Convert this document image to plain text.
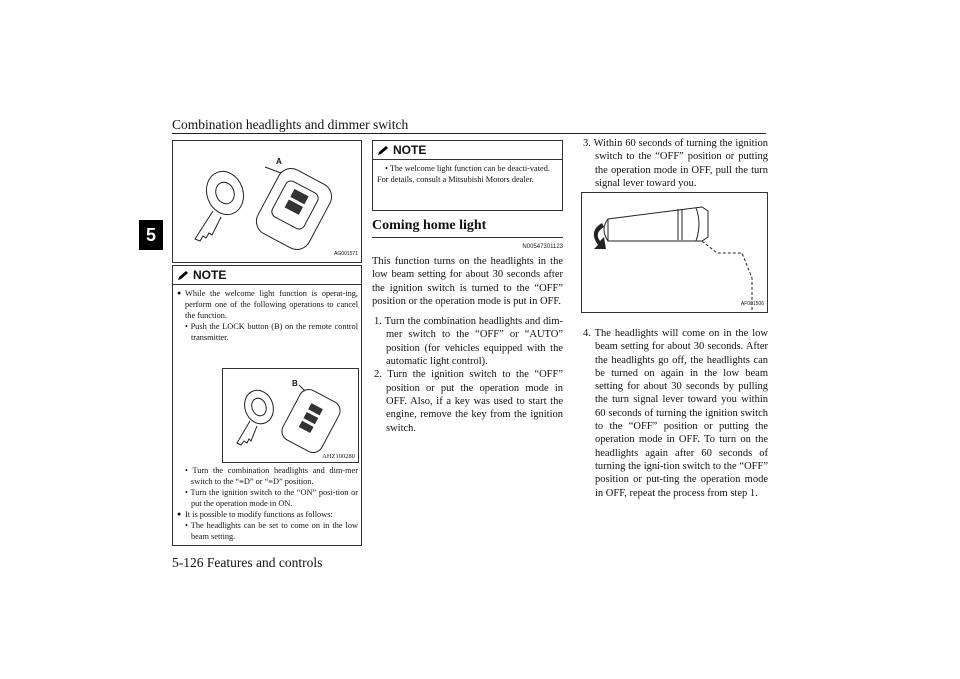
Combination headlights and dimmer switch
5
A
AG001571
NOTE
● While the welcome light function is operat-ing, perform one of the following operations to cancel the function.
• Push the LOCK button (B) on the remote control transmitter.
B
AHZ100280
• Turn the combination headlights and dim-mer switch to the “≡D” or “≡D” position.
• Turn the ignition switch to the “ON” posi-tion or put the operation mode in ON.
● It is possible to modify functions as follows:
• The headlights can be set to come on in the low beam setting.
NOTE
• The welcome light function can be deacti-vated.
For details, consult a Mitsubishi Motors dealer.
Coming home light
N00547301123
This function turns on the headlights in the low beam setting for about 30 seconds after the ignition switch is turned to the “OFF” position or the operation mode is put in OFF.
1. Turn the combination headlights and dim-mer switch to the “OFF” or “AUTO” position (for vehicles equipped with the automatic light control).
2. Turn the ignition switch to the “OFF” position or put the operation mode in OFF. Also, if a key was used to start the engine, remove the key from the ignition switch.
3. Within 60 seconds of turning the ignition switch to the “OFF” position or putting the operation mode in OFF, pull the turn signal lever toward you.
AF001506
4. The headlights will come on in the low beam setting for about 30 seconds. After the headlights go off, the headlights can be turned on again in the low beam setting for about 30 seconds by pulling the turn signal lever toward you within 60 seconds of turning the ignition switch to the “OFF” position or putting the operation mode in OFF. To turn on the headlights again after 60 seconds of turning the igni-tion switch to the “OFF” position or put-ting the operation mode in OFF, repeat the process from step 1.
5-126 Features and controls
